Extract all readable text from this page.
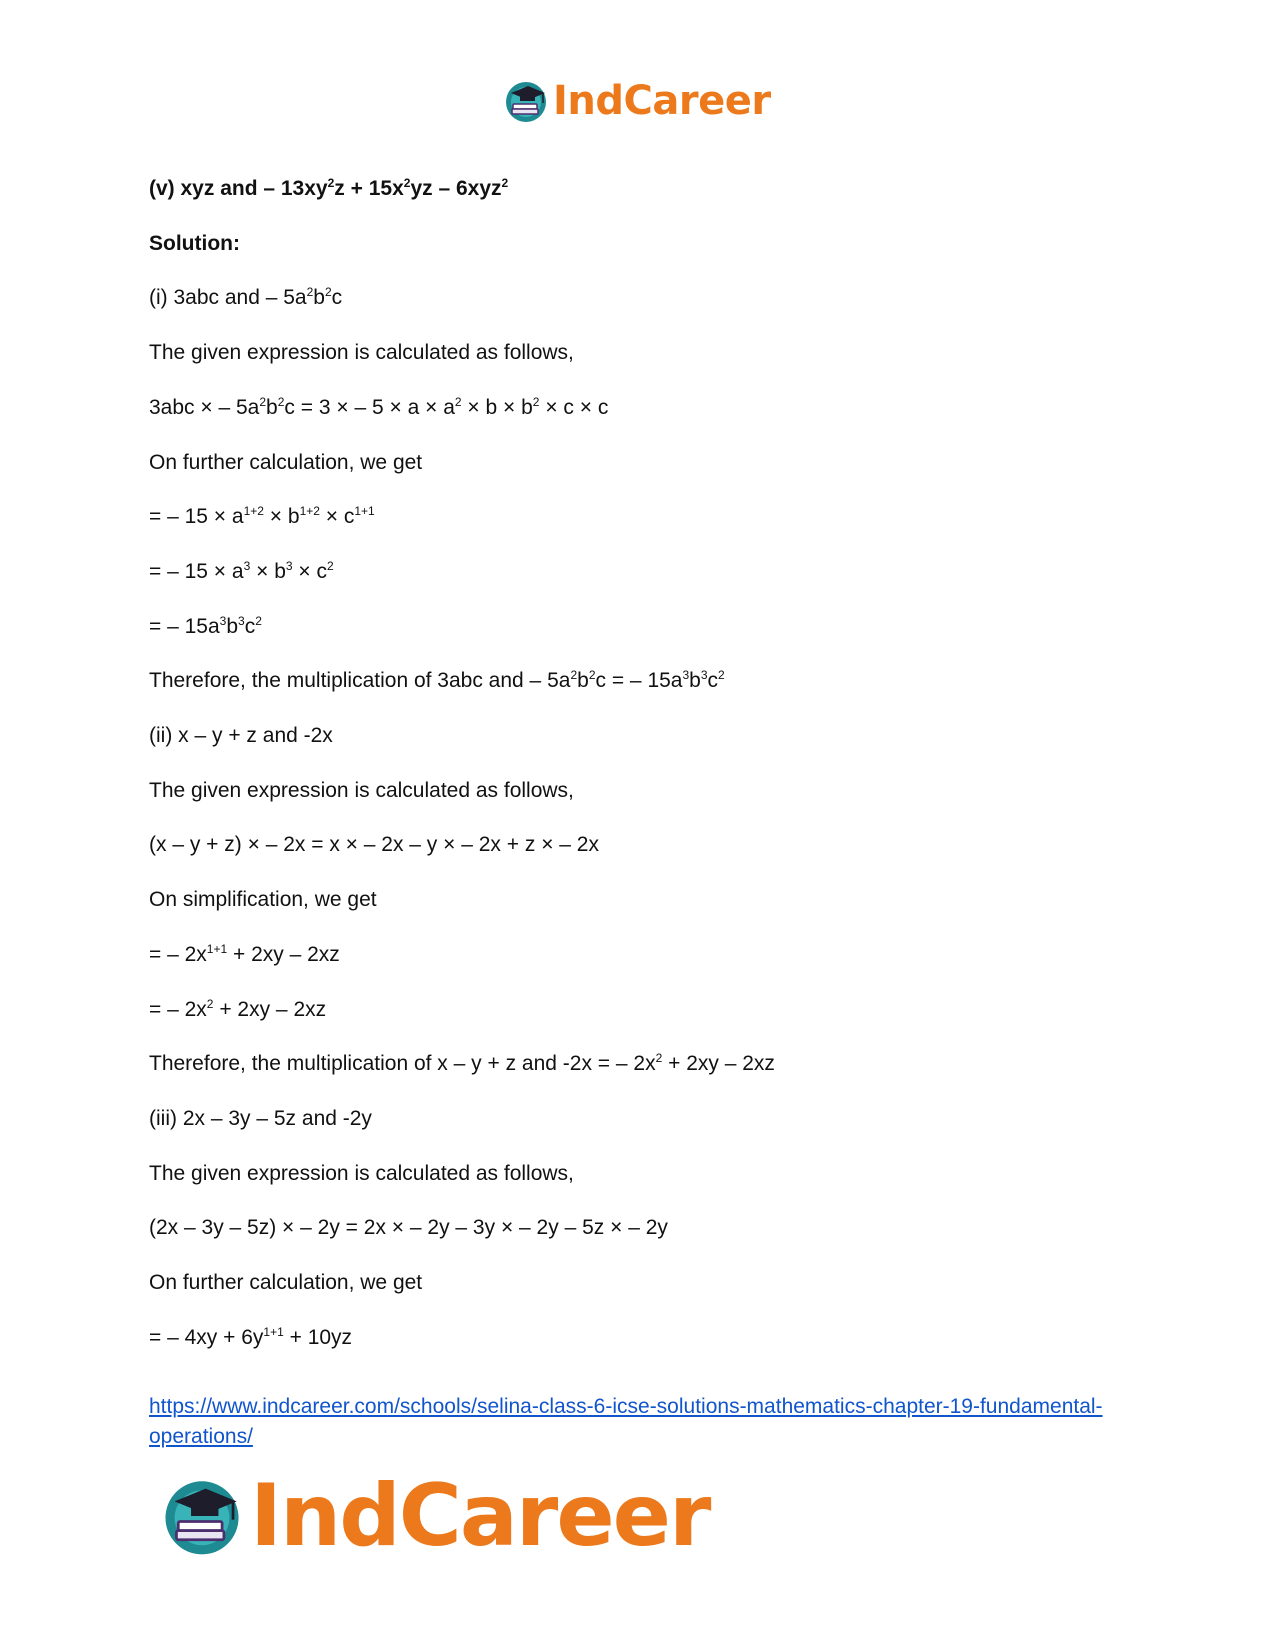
IndCareer
(v) xyz and – $13xy^2z + 15x^2yz - 6xyz^2$
Solution:
(i) 3abc and – $5a^2b^2c$
The given expression is calculated as follows,
3abc × – $5a^2b^2c = 3$ × – $5 \times a \times a^2 \times b \times b^2 \times c \times c$
On further calculation, we get
= – $15 \times a^{1+2} \times b^{1+2} \times c^{1+1}$
= – $15 \times a^3 \times b^3 \times c^2$
= – $15a^3b^3c^2$
Therefore, the multiplication of 3abc and – $5a^2b^2c$ = – $15a^3b^3c^2$
(ii) x – y + z and -2x
The given expression is calculated as follows,
(x – y + z) × – 2x = x × – 2x – y × – 2x + z × – 2x
On simplification, we get
= – $2x^{1+1} + 2xy - 2xz$
= – $2x^2 + 2xy - 2xz$
Therefore, the multiplication of x – y + z and -2x = – $2x^2 + 2xy - 2xz$
(iii) 2x – 3y – 5z and -2y
The given expression is calculated as follows,
(2x – 3y – 5z) × – 2y = 2x × – 2y – 3y × – 2y – 5z × – 2y
On further calculation, we get
= – $4xy + 6y^{1+1} + 10yz$
https://www.indcareer.com/schools/selina-class-6-icse-solutions-mathematics-chapter-19-fundamental-operations/
IndCareer
